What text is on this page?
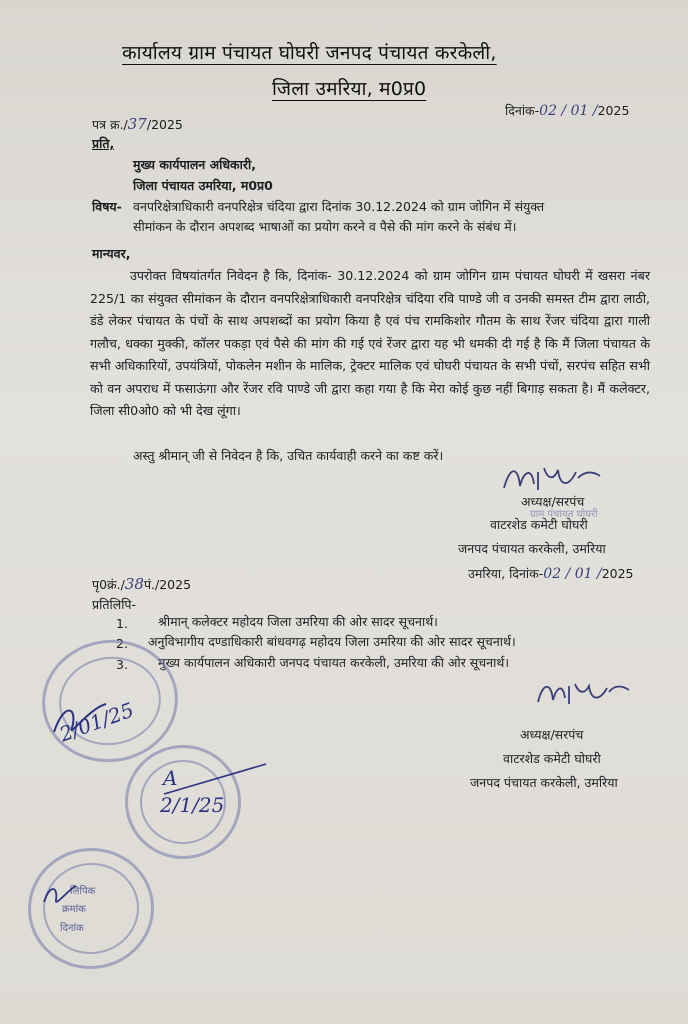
कार्यालय ग्राम पंचायत घोघरी जनपद पंचायत करकेली,
जिला उमरिया, म0प्र0
पत्र क्र./37/2025
दिनांक-02 / 01 /2025
प्रति,
मुख्य कार्यपालन अधिकारी,
जिला पंचायत उमरिया, म0प्र0
विषय- वनपरिक्षेत्राधिकारी वनपरिक्षेत्र चंदिया द्वारा दिनांक 30.12.2024 को ग्राम जोगिन में संयुक्त
सीमांकन के दौरान अपशब्द भाषाओं का प्रयोग करने व पैसे की मांग करने के संबंध में।
मान्यवर,
उपरोक्त विषयांतर्गत निवेदन है कि, दिनांक- 30.12.2024 को ग्राम जोगिन ग्राम पंचायत घोघरी में खसरा नंबर 225/1 का संयुक्त सीमांकन के दौरान वनपरिक्षेत्राधिकारी वनपरिक्षेत्र चंदिया रवि पाण्डे जी व उनकी समस्त टीम द्वारा लाठी, डंडे लेकर पंचायत के पंचों के साथ अपशब्दों का प्रयोग किया है एवं पंच रामकिशोर गौतम के साथ रेंजर चंदिया द्वारा गाली गलौच, धक्का मुक्की, कॉलर पकड़ा एवं पैसे की मांग की गई एवं रेंजर द्वारा यह भी धमकी दी गई है कि मैं जिला पंचायत के सभी अधिकारियों, उपयंत्रियों, पोकलेन मशीन के मालिक, ट्रेक्टर मालिक एवं घोघरी पंचायत के सभी पंचों, सरपंच सहित सभी को वन अपराध में फसाऊंगा और रेंजर रवि पाण्डे जी द्वारा कहा गया है कि मेरा कोई कुछ नहीं बिगाड़ सकता है। मैं कलेक्टर, जिला सी0ओ0 को भी देख लूंगा।
अस्तु श्रीमान् जी से निवेदन है कि, उचित कार्यवाही करने का कष्ट करें।
अध्यक्ष/सरपंच
ग्राम पंचायत घोघरी
वाटरशेड कमेटी घोघरी
जनपद पंचायत करकेली, उमरिया
उमरिया, दिनांक-02 / 01 /2025
पृ0क्रं./38पं./2025
प्रतिलिपि-
1. श्रीमान् कलेक्टर महोदय जिला उमरिया की ओर सादर सूचनार्थ।
2. अनुविभागीय दण्डाधिकारी बांधवगढ़ महोदय जिला उमरिया की ओर सादर सूचनार्थ।
3. मुख्य कार्यपालन अधिकारी जनपद पंचायत करकेली, उमरिया की ओर सूचनार्थ।
अध्यक्ष/सरपंच
वाटरशेड कमेटी घोघरी
जनपद पंचायत करकेली, उमरिया
2/01/25
A
2/1/25
लिपिक
क्रमांक
दिनांक
